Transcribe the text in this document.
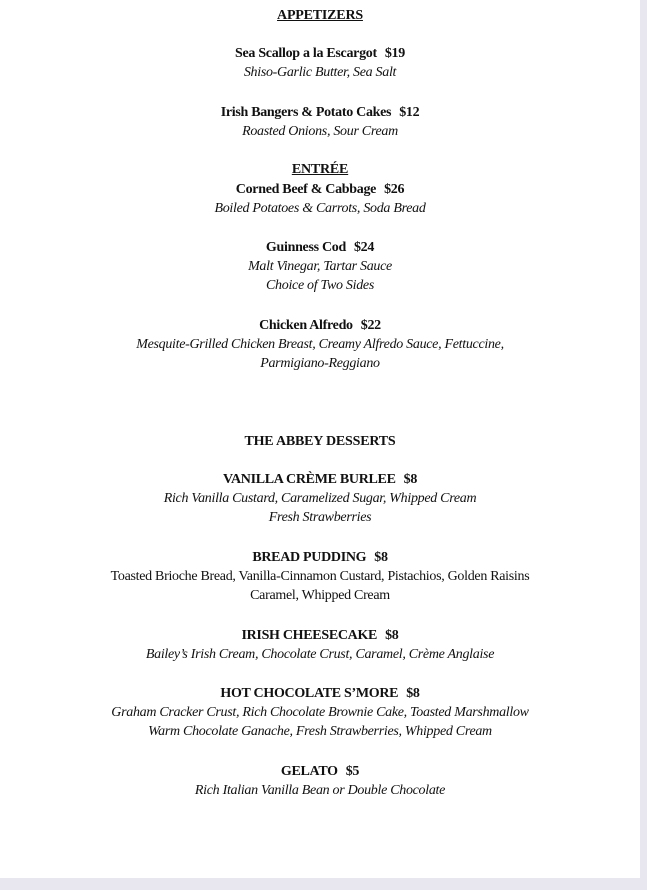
APPETIZERS
Sea Scallop a la Escargot $19
Shiso-Garlic Butter, Sea Salt
Irish Bangers & Potato Cakes $12
Roasted Onions, Sour Cream
ENTRÉE
Corned Beef & Cabbage $26
Boiled Potatoes & Carrots, Soda Bread
Guinness Cod $24
Malt Vinegar, Tartar Sauce
Choice of Two Sides
Chicken Alfredo $22
Mesquite-Grilled Chicken Breast, Creamy Alfredo Sauce, Fettuccine,
Parmigiano-Reggiano
THE ABBEY DESSERTS
VANILLA CRÈME BURLEE $8
Rich Vanilla Custard, Caramelized Sugar, Whipped Cream
Fresh Strawberries
BREAD PUDDING $8
Toasted Brioche Bread, Vanilla-Cinnamon Custard, Pistachios, Golden Raisins
Caramel, Whipped Cream
IRISH CHEESECAKE $8
Bailey’s Irish Cream, Chocolate Crust, Caramel, Crème Anglaise
HOT CHOCOLATE S’MORE $8
Graham Cracker Crust, Rich Chocolate Brownie Cake, Toasted Marshmallow
Warm Chocolate Ganache, Fresh Strawberries, Whipped Cream
GELATO $5
Rich Italian Vanilla Bean or Double Chocolate
